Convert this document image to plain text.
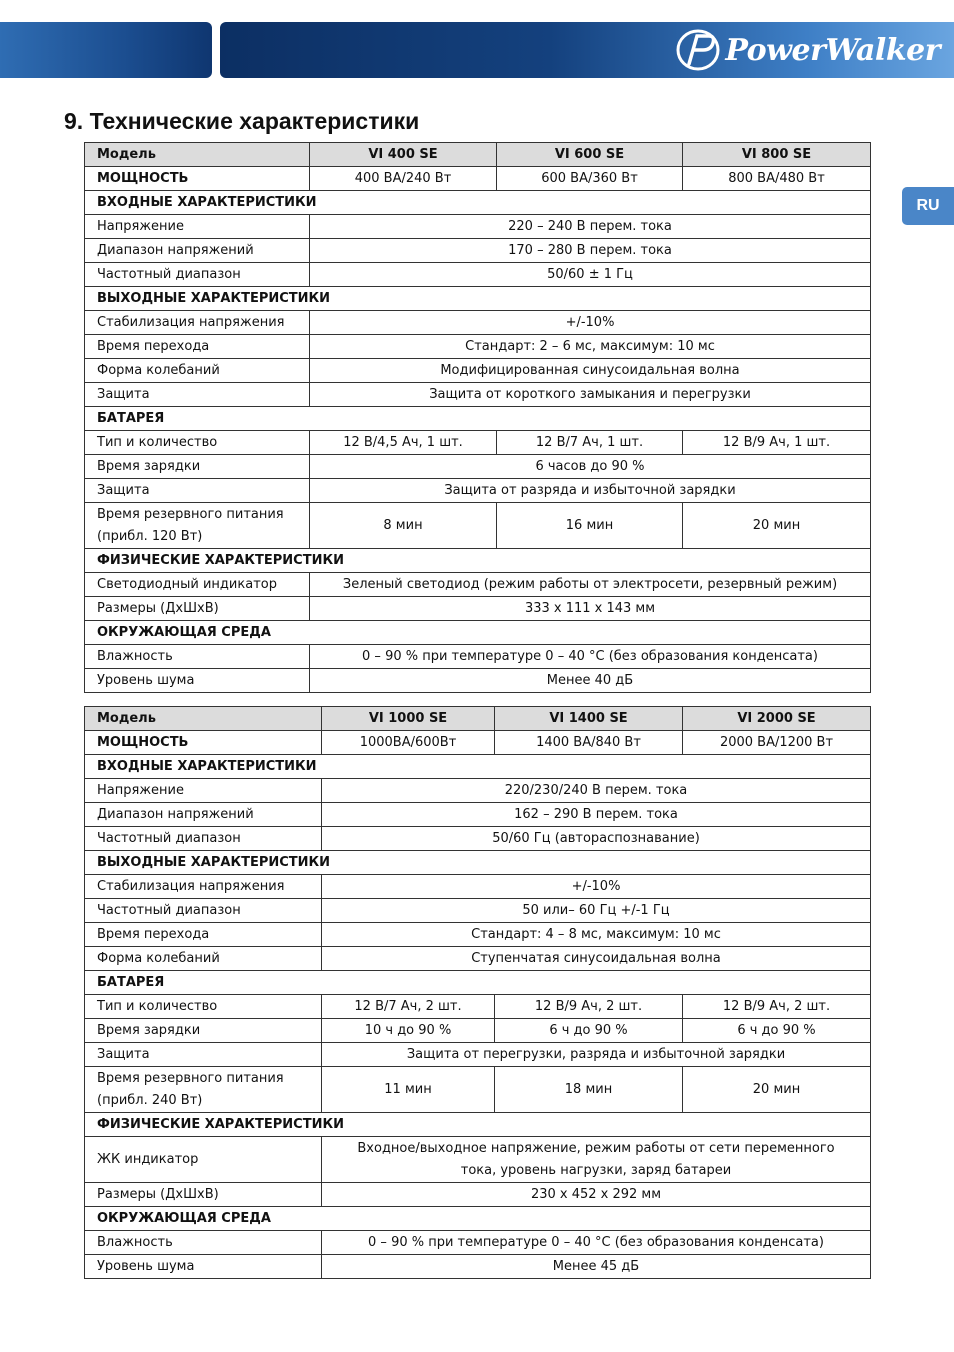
PowerWalker
9. Технические характеристики
RU
Модель	VI 400 SE	VI 600 SE	VI 800 SE
МОЩНОСТЬ	400 ВА/240 Вт	600 ВА/360 Вт	800 ВА/480 Вт
ВХОДНЫЕ ХАРАКТЕРИСТИКИ			
Напряжение	220 – 240 В перем. тока		
Диапазон напряжений	170 – 280 В перем. тока		
Частотный диапазон	50/60 ± 1 Гц		
ВЫХОДНЫЕ ХАРАКТЕРИСТИКИ			
Стабилизация напряжения	+/-10%		
Время перехода	Стандарт: 2 – 6 мс, максимум: 10 мс		
Форма колебаний	Модифицированная синусоидальная волна		
Защита	Защита от короткого замыкания и перегрузки		
БАТАРЕЯ			
Тип и количество	12 В/4,5 Ач, 1 шт.	12 В/7 Ач, 1 шт.	12 В/9 Ач, 1 шт.
Время зарядки	6 часов до 90 %		
Защита	Защита от разряда и избыточной зарядки		
Время резервного питания (прибл. 120 Вт)	8 мин	16 мин	20 мин
ФИЗИЧЕСКИЕ ХАРАКТЕРИСТИКИ			
Светодиодный индикатор	Зеленый светодиод (режим работы от электросети, резервный режим)		
Размеры (ДхШхВ)	333 x 111 x 143 мм		
ОКРУЖАЮЩАЯ СРЕДА			
Влажность	0 – 90 % при температуре 0 – 40 °C (без образования конденсата)		
Уровень шума	Менее 40 дБ		
Модель	VI 1000 SE	VI 1400 SE	VI 2000 SE
МОЩНОСТЬ	1000ВА/600Вт	1400 ВА/840 Вт	2000 ВА/1200 Вт
ВХОДНЫЕ ХАРАКТЕРИСТИКИ			
Напряжение	220/230/240 В перем. тока		
Диапазон напряжений	162 – 290 В перем. тока		
Частотный диапазон	50/60 Гц (автораспознавание)		
ВЫХОДНЫЕ ХАРАКТЕРИСТИКИ			
Стабилизация напряжения	+/-10%		
Частотный диапазон	50 или– 60 Гц +/-1 Гц		
Время перехода	Стандарт: 4 – 8 мс, максимум: 10 мс		
Форма колебаний	Ступенчатая синусоидальная волна		
БАТАРЕЯ			
Тип и количество	12 В/7 Ач, 2 шт.	12 В/9 Ач, 2 шт.	12 В/9 Ач, 2 шт.
Время зарядки	10 ч до 90 %	6 ч до 90 %	6 ч до 90 %
Защита	Защита от перегрузки, разряда и избыточной зарядки		
Время резервного питания (прибл. 240 Вт)	11 мин	18 мин	20 мин
ФИЗИЧЕСКИЕ ХАРАКТЕРИСТИКИ			
ЖК индикатор	Входное/выходное напряжение, режим работы от сети переменного тока, уровень нагрузки, заряд батареи		
Размеры (ДхШхВ)	230 x 452 x 292 мм		
ОКРУЖАЮЩАЯ СРЕДА			
Влажность	0 – 90 % при температуре 0 – 40 °C (без образования конденсата)		
Уровень шума	Менее 45 дБ		
